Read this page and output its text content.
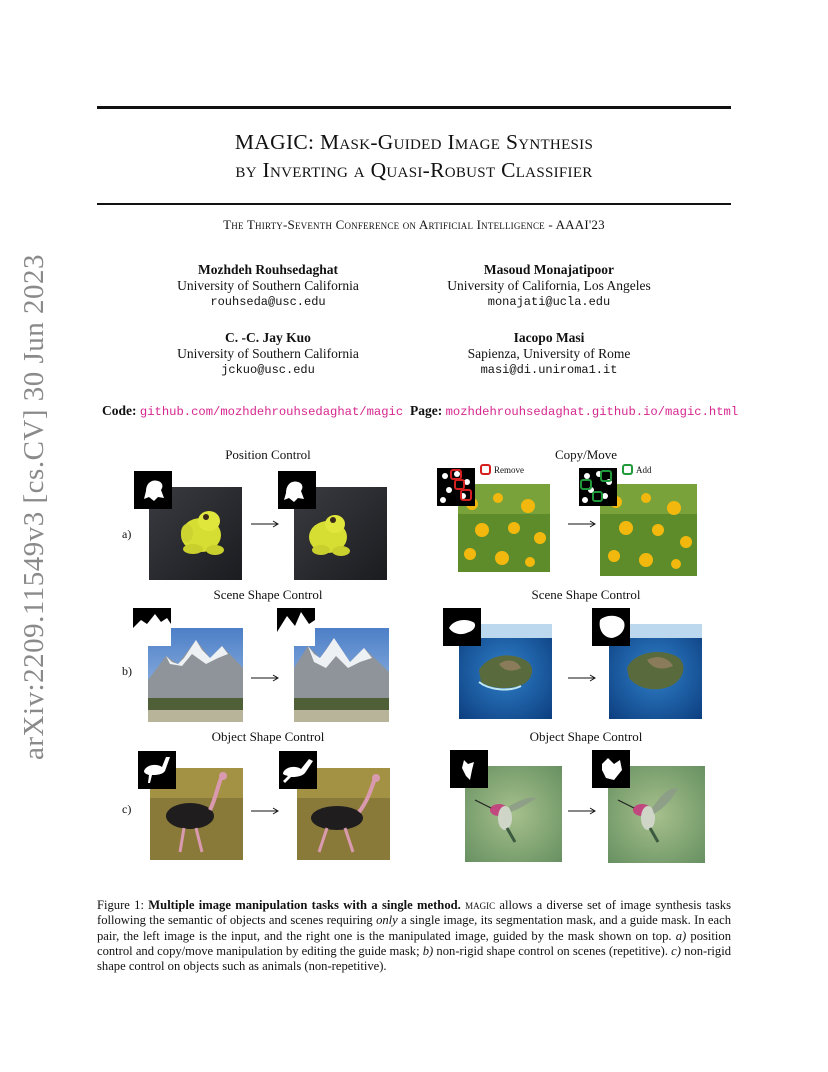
arXiv:2209.11549v3 [cs.CV] 30 Jun 2023
MAGIC: Mask-Guided Image Synthesis
by Inverting a Quasi-Robust Classifier
The Thirty-Seventh Conference on Artificial Intelligence - AAAI'23
Mozhdeh Rouhsedaghat
University of Southern California
rouhseda@usc.edu
Masoud Monajatipoor
University of California, Los Angeles
monajati@ucla.edu
C. -C. Jay Kuo
University of Southern California
jckuo@usc.edu
Iacopo Masi
Sapienza, University of Rome
masi@di.uniroma1.it
Code: github.com/mozhdehrouhsedaghat/magic Page: mozhdehrouhsedaghat.github.io/magic.html
Position Control	Copy/Move
Scene Shape Control	Scene Shape Control
Object Shape Control	Object Shape Control
a)
b)
c)
Remove	Add
Figure 1: Multiple image manipulation tasks with a single method. magic allows a diverse set of image synthesis tasks following the semantic of objects and scenes requiring only a single image, its segmentation mask, and a guide mask. In each pair, the left image is the input, and the right one is the manipulated image, guided by the mask shown on top. a) position control and copy/move manipulation by editing the guide mask; b) non-rigid shape control on scenes (repetitive). c) non-rigid shape control on objects such as animals (non-repetitive).
